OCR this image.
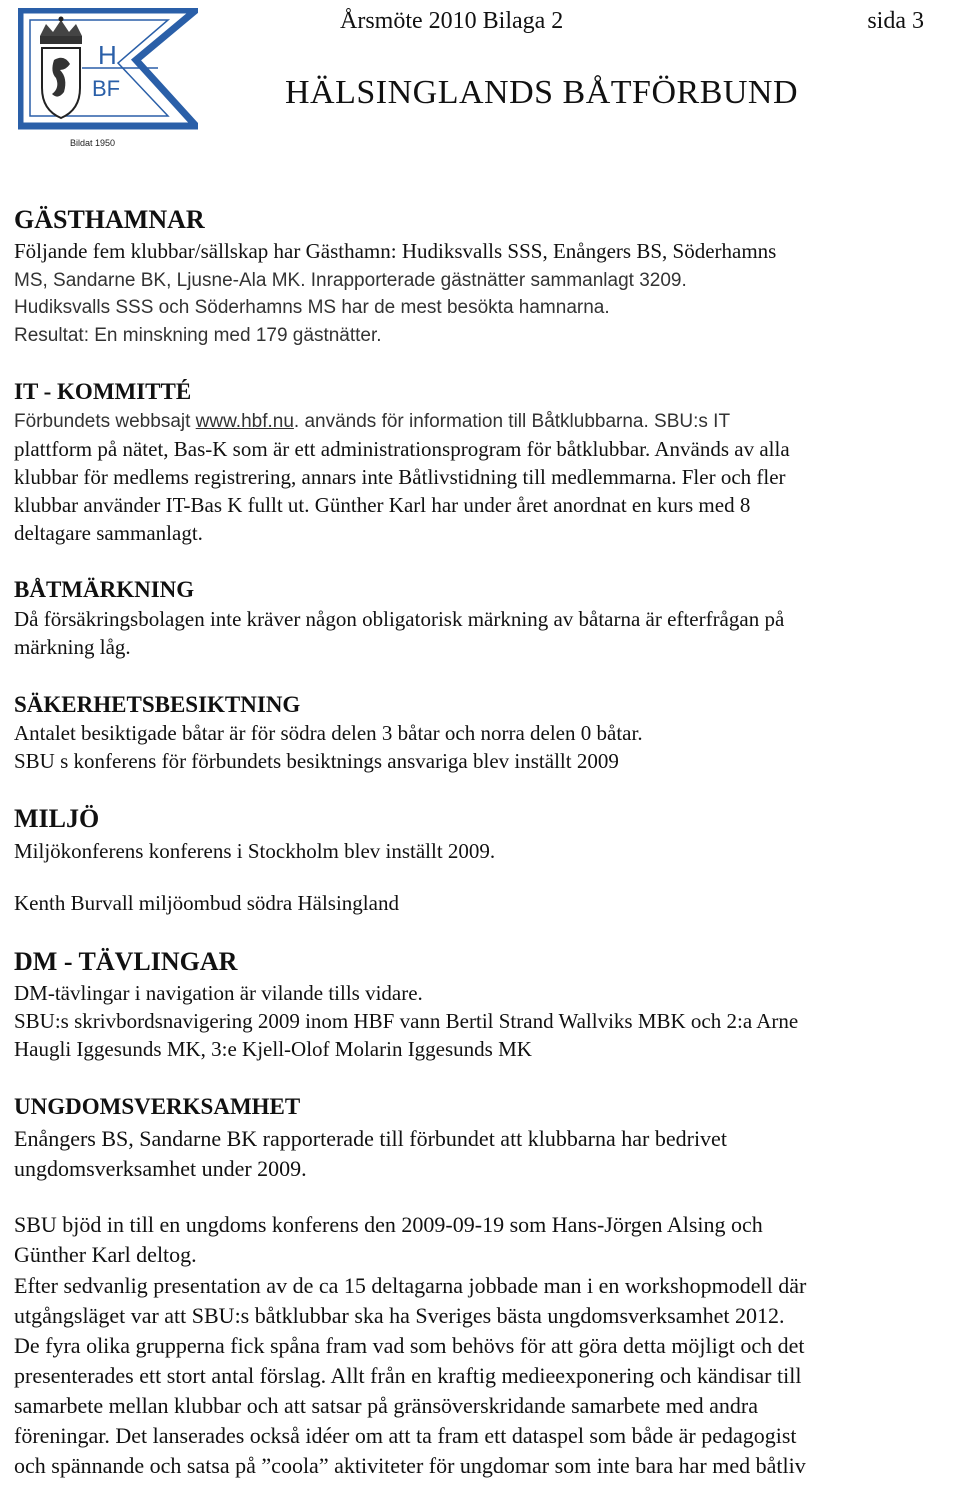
H
BF
Bildat 1950
Årsmöte 2010 Bilaga 2	sida 3
HÄLSINGLANDS BÅTFÖRBUND
GÄSTHAMNAR

Följande fem klubbar/sällskap har Gästhamn: Hudiksvalls SSS, Enångers BS, Söderhamns

MS, Sandarne BK, Ljusne-Ala MK. Inrapporterade gästnätter sammanlagt 3209.

Hudiksvalls SSS och Söderhamns MS har de mest besökta hamnarna.

Resultat: En minskning med 179 gästnätter.

IT - KOMMITTÉ

Förbundets webbsajt www.hbf.nu. används för information till Båtklubbarna. SBU:s IT

plattform på nätet, Bas-K som är ett administrationsprogram för båtklubbar. Används av alla

klubbar för medlems registrering, annars inte Båtlivstidning till medlemmarna. Fler och fler

klubbar använder IT-Bas K fullt ut. Günther Karl har under året anordnat en kurs med 8

deltagare sammanlagt.

BÅTMÄRKNING

Då försäkringsbolagen inte kräver någon obligatorisk märkning av båtarna är efterfrågan på

märkning låg.

SÄKERHETSBESIKTNING

Antalet besiktigade båtar är för södra delen 3 båtar och norra delen 0 båtar.

SBU s konferens för förbundets besiktnings ansvariga blev inställt 2009

MILJÖ

Miljökonferens konferens i Stockholm blev inställt 2009.

Kenth Burvall miljöombud södra Hälsingland

DM - TÄVLINGAR

DM-tävlingar i navigation är vilande tills vidare.

SBU:s skrivbordsnavigering 2009 inom HBF vann Bertil Strand Wallviks MBK och 2:a Arne

Haugli Iggesunds MK, 3:e Kjell-Olof Molarin Iggesunds MK

UNGDOMSVERKSAMHET

Enångers BS, Sandarne BK rapporterade till förbundet att klubbarna har bedrivet

ungdomsverksamhet under 2009.

SBU bjöd in till en ungdoms konferens den 2009-09-19 som Hans-Jörgen Alsing och

Günther Karl deltog.

Efter sedvanlig presentation av de ca 15 deltagarna jobbade man i en workshopmodell där

utgångsläget var att SBU:s båtklubbar ska ha Sveriges bästa ungdomsverksamhet 2012.

De fyra olika grupperna fick spåna fram vad som behövs för att göra detta möjligt och det

presenterades ett stort antal förslag. Allt från en kraftig medieexponering och kändisar till

samarbete mellan klubbar och att satsar på gränsöverskridande samarbete med andra

föreningar. Det lanserades också idéer om att ta fram ett dataspel som både är pedagogist

och spännande och satsa på ”coola” aktiviteter för ungdomar som inte bara har med båtliv
